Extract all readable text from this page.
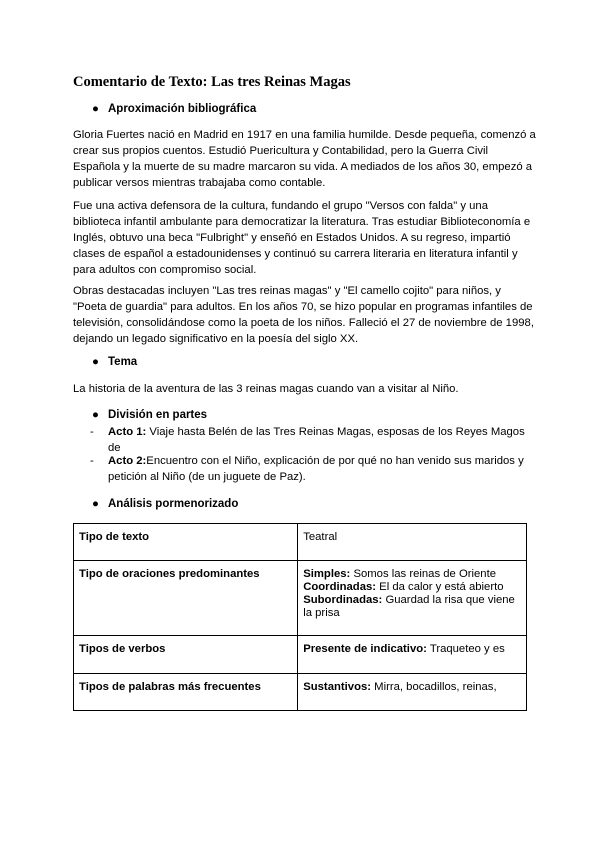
Comentario de Texto: Las tres Reinas Magas
● Aproximación bibliográfica
Gloria Fuertes nació en Madrid en 1917 en una familia humilde. Desde pequeña, comenzó a
crear sus propios cuentos. Estudió Puericultura y Contabilidad, pero la Guerra Civil
Española y la muerte de su madre marcaron su vida. A mediados de los años 30, empezó a
publicar versos mientras trabajaba como contable.
Fue una activa defensora de la cultura, fundando el grupo "Versos con falda" y una
biblioteca infantil ambulante para democratizar la literatura. Tras estudiar Biblioteconomía e
Inglés, obtuvo una beca "Fulbright" y enseñó en Estados Unidos. A su regreso, impartió
clases de español a estadounidenses y continuó su carrera literaria en literatura infantil y
para adultos con compromiso social.
Obras destacadas incluyen "Las tres reinas magas" y "El camello cojito" para niños, y
"Poeta de guardia" para adultos. En los años 70, se hizo popular en programas infantiles de
televisión, consolidándose como la poeta de los niños. Falleció el 27 de noviembre de 1998,
dejando un legado significativo en la poesía del siglo XX.
● Tema
La historia de la aventura de las 3 reinas magas cuando van a visitar al Niño.
● División en partes
- Acto 1: Viaje hasta Belén de las Tres Reinas Magas, esposas de los Reyes Magos
de
- Acto 2:Encuentro con el Niño, explicación de por qué no han venido sus maridos y
petición al Niño (de un juguete de Paz).
● Análisis pormenorizado
Tipo de texto	Teatral
Tipo de oraciones predominantes	Simples: Somos las reinas de Oriente
Coordinadas: El da calor y está abierto
Subordinadas: Guardad la risa que viene
la prisa

Tipos de verbos	Presente de indicativo: Traqueteo y es
Tipos de palabras más frecuentes	Sustantivos: Mirra, bocadillos, reinas,
